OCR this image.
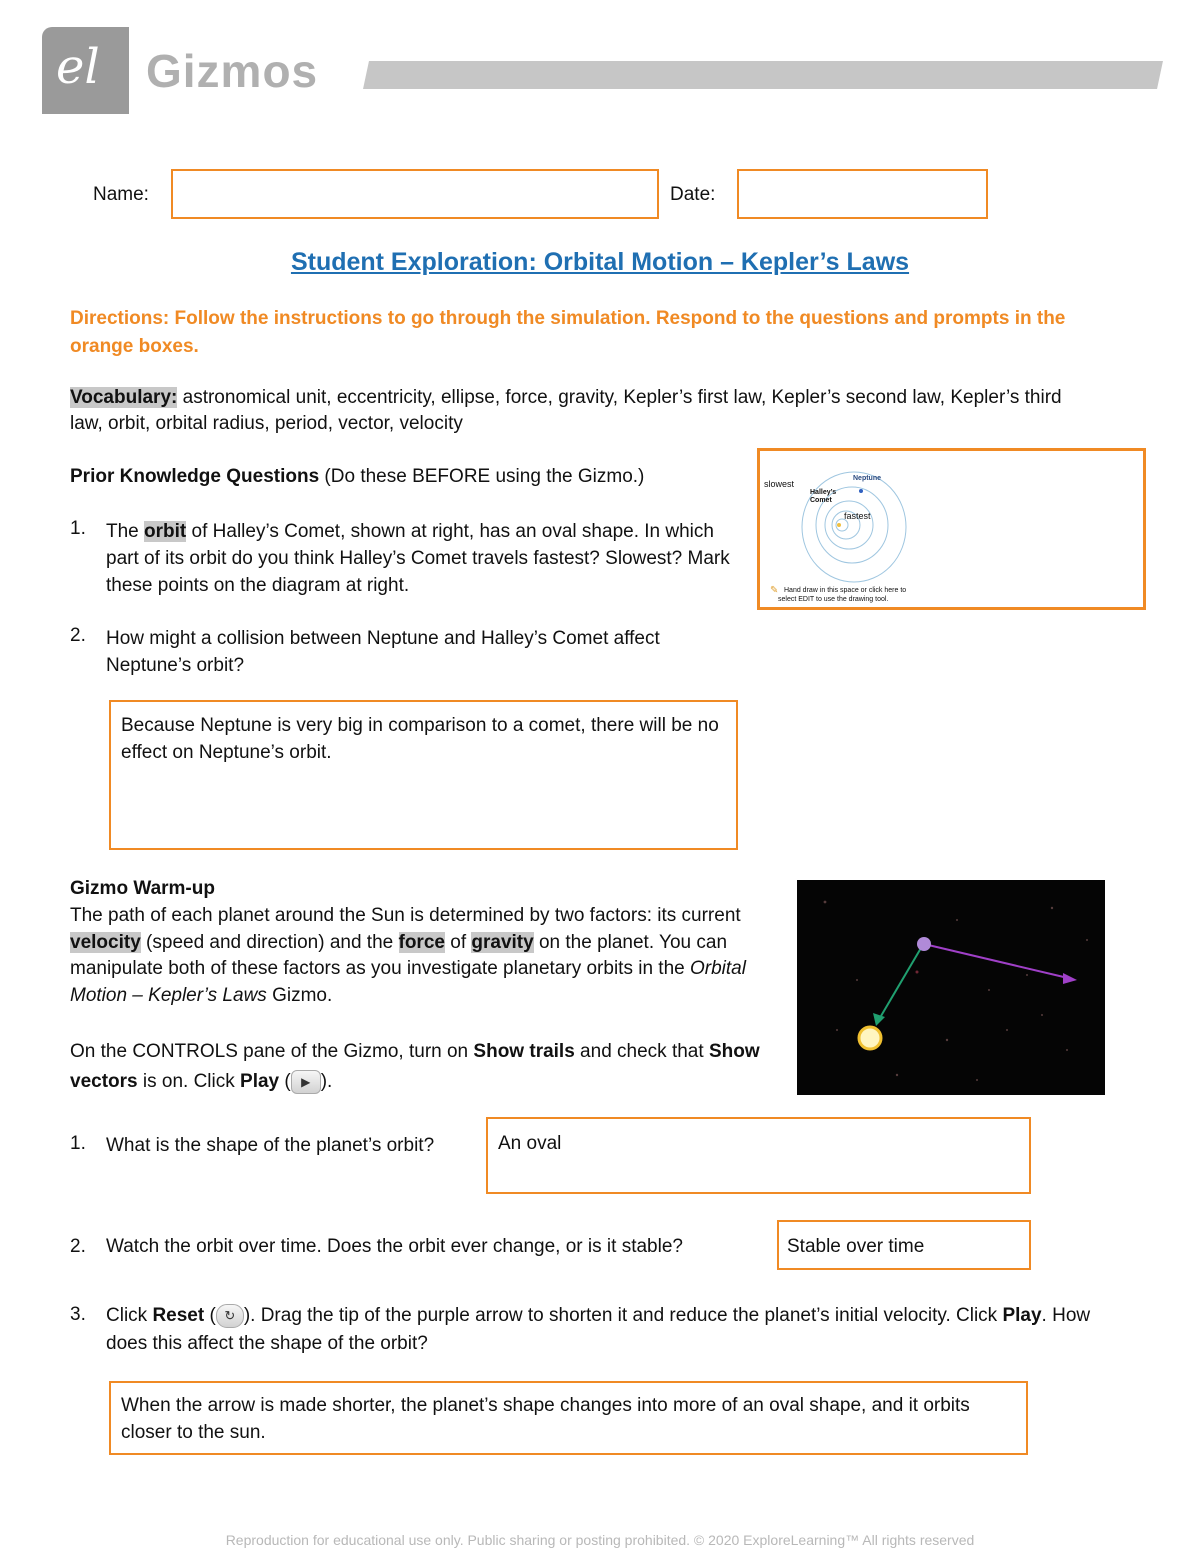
el Gizmos
Name:	Date:
Student Exploration: Orbital Motion – Kepler’s Laws
Directions: Follow the instructions to go through the simulation. Respond to the questions and prompts in the orange boxes.
Vocabulary: astronomical unit, eccentricity, ellipse, force, gravity, Kepler’s first law, Kepler’s second law, Kepler’s third law, orbit, orbital radius, period, vector, velocity
Prior Knowledge Questions (Do these BEFORE using the Gizmo.)
1. The orbit of Halley’s Comet, shown at right, has an oval shape. In which part of its orbit do you think Halley’s Comet travels fastest? Slowest? Mark these points on the diagram at right.
slowest
Neptune
Halley’s Comet
fastest
✎ Hand draw in this space or click here to
select EDIT to use the drawing tool.
2. How might a collision between Neptune and Halley’s Comet affect Neptune’s orbit?
Because Neptune is very big in comparison to a comet, there will be no effect on Neptune’s orbit.
Gizmo Warm-up
The path of each planet around the Sun is determined by two factors: its current velocity (speed and direction) and the force of gravity on the planet. You can manipulate both of these factors as you investigate planetary orbits in the Orbital Motion – Kepler’s Laws Gizmo.
On the CONTROLS pane of the Gizmo, turn on Show trails and check that Show vectors is on. Click Play ( ▶ ).
1. What is the shape of the planet’s orbit?	An oval
2. Watch the orbit over time. Does the orbit ever change, or is it stable?	Stable over time
3. Click Reset ( ↻ ). Drag the tip of the purple arrow to shorten it and reduce the planet’s initial velocity. Click Play. How does this affect the shape of the orbit?
When the arrow is made shorter, the planet’s shape changes into more of an oval shape, and it orbits closer to the sun.
Reproduction for educational use only. Public sharing or posting prohibited. © 2020 ExploreLearning™ All rights reserved
